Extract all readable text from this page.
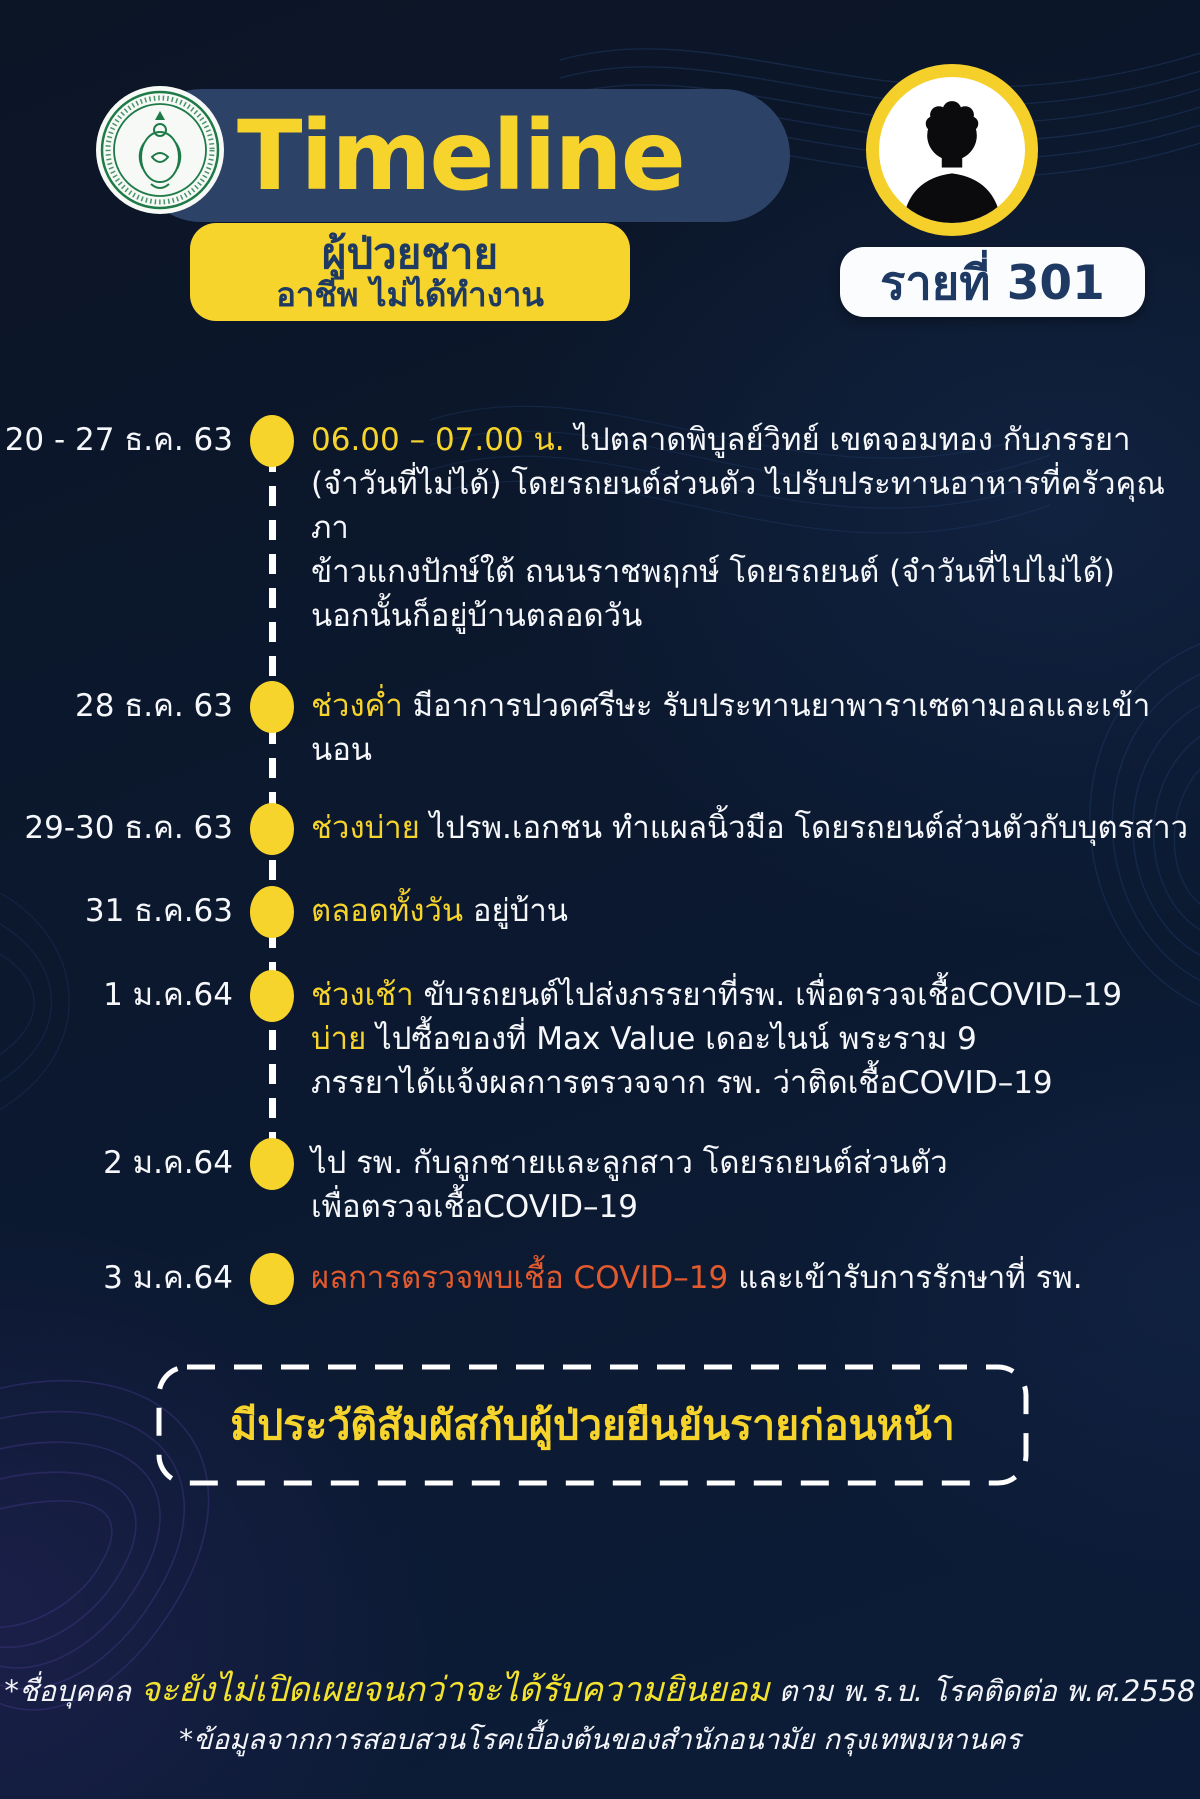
Timeline
ผู้ป่วยชาย
อาชีพ ไม่ได้ทำงาน	รายที่ 301
20 - 27 ธ.ค. 63	06.00 – 07.00 น. ไปตลาดพิบูลย์วิทย์ เขตจอมทอง กับภรรยา
(จำวันที่ไม่ได้) โดยรถยนต์ส่วนตัว ไปรับประทานอาหารที่ครัวคุณภา
ข้าวแกงปักษ์ใต้ ถนนราชพฤกษ์ โดยรถยนต์ (จำวันที่ไปไม่ได้)
นอกนั้นก็อยู่บ้านตลอดวัน
28 ธ.ค. 63	ช่วงค่ำ มีอาการปวดศรีษะ รับประทานยาพาราเซตามอลและเข้านอน
29-30 ธ.ค. 63	ช่วงบ่าย ไปรพ.เอกชน ทำแผลนิ้วมือ โดยรถยนต์ส่วนตัวกับบุตรสาว
31 ธ.ค.63	ตลอดทั้งวัน อยู่บ้าน
1 ม.ค.64	ช่วงเช้า ขับรถยนต์ไปส่งภรรยาที่รพ. เพื่อตรวจเชื้อCOVID–19
บ่าย ไปซื้อของที่ Max Value เดอะไนน์ พระราม 9
ภรรยาได้แจ้งผลการตรวจจาก รพ. ว่าติดเชื้อCOVID–19
2 ม.ค.64	ไป รพ. กับลูกชายและลูกสาว โดยรถยนต์ส่วนตัว
เพื่อตรวจเชื้อCOVID–19
3 ม.ค.64	ผลการตรวจพบเชื้อ COVID–19 และเข้ารับการรักษาที่ รพ.
มีประวัติสัมผัสกับผู้ป่วยยืนยันรายก่อนหน้า
*ชื่อบุคคล จะยังไม่เปิดเผยจนกว่าจะได้รับความยินยอม ตาม พ.ร.บ. โรคติดต่อ พ.ศ.2558
*ข้อมูลจากการสอบสวนโรคเบื้องต้นของสำนักอนามัย กรุงเทพมหานคร
